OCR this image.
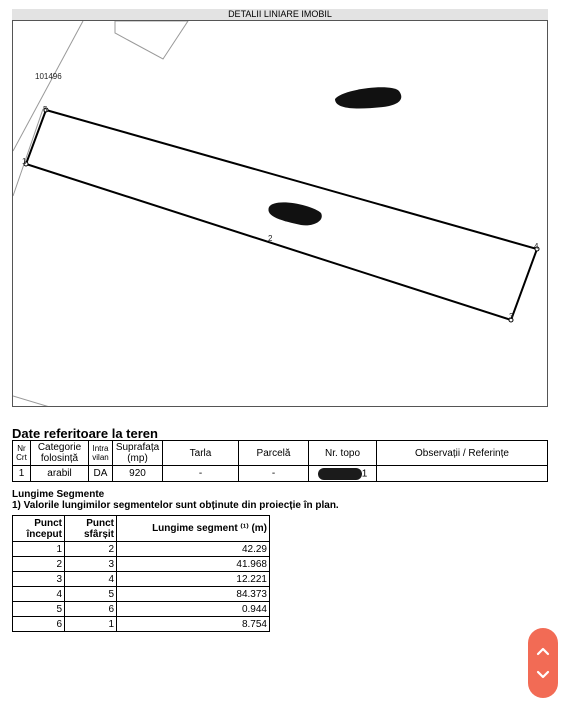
DETALII LINIARE IMOBIL
101496
5
1
2
4
3
Date referitoare la teren
Nr Crt	Categorie folosință	Intra vilan	Suprafața (mp)	Tarla	Parcelă	Nr. topo	Observații / Referințe
1	arabil	DA	920	-	-	1	
Lungime Segmente
1) Valorile lungimilor segmentelor sunt obținute din proiecție în plan.
Punct început	Punct sfârșit	Lungime segment ⁽¹⁾ (m)
1	2	42.29
2	3	41.968
3	4	12.221
4	5	84.373
5	6	0.944
6	1	8.754
